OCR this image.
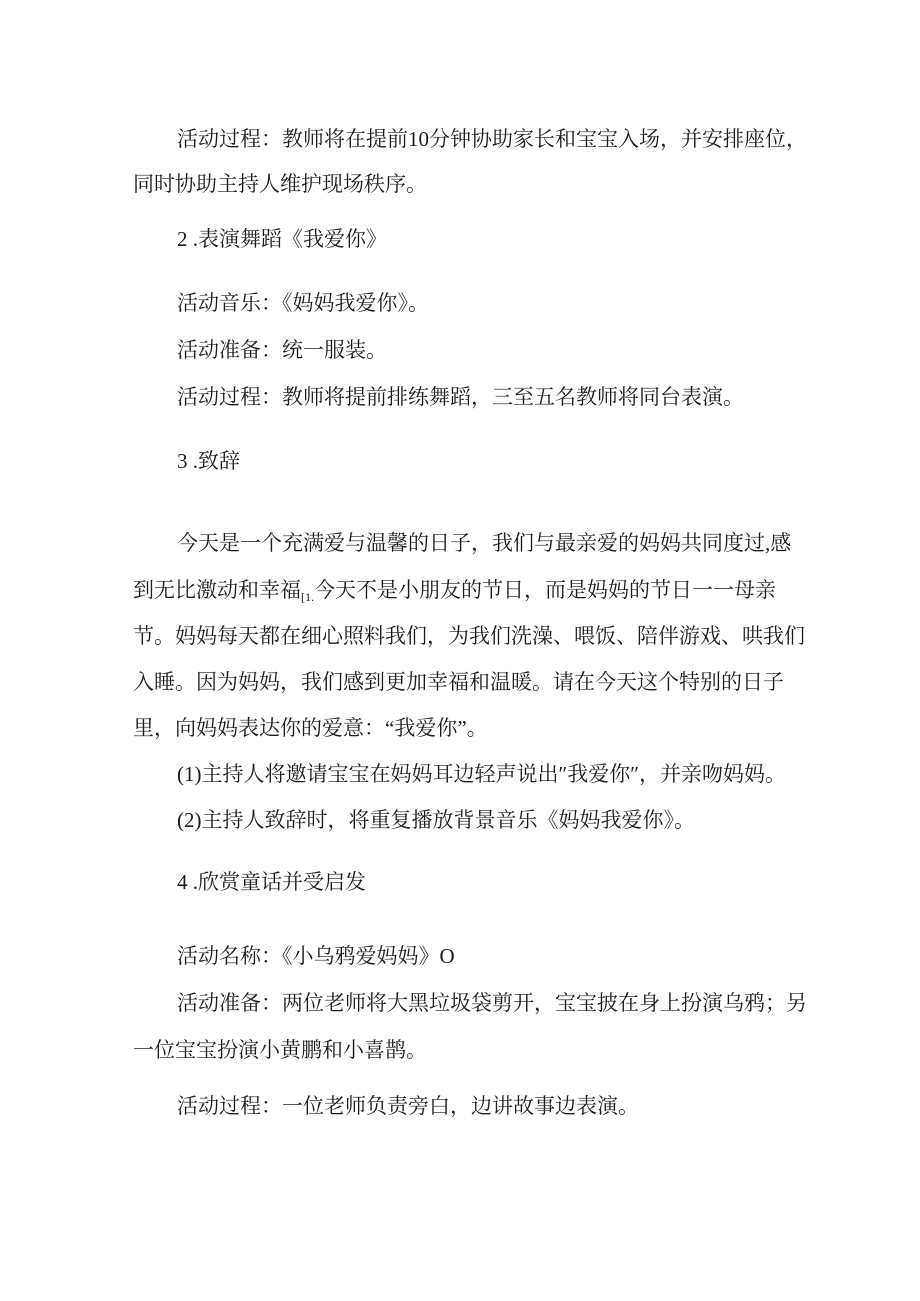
活动过程：教师将在提前10分钟协助家长和宝宝入场，并安排座位，
同时协助主持人维护现场秩序。
2 .表演舞蹈《我爱你》
活动音乐：《妈妈我爱你》。
活动准备：统一服装。
活动过程：教师将提前排练舞蹈，三至五名教师将同台表演。
3 .致辞
今天是一个充满爱与温馨的日子，我们与最亲爱的妈妈共同度过,感
到无比激动和幸福[1.今天不是小朋友的节日，而是妈妈的节日一一母亲
节。妈妈每天都在细心照料我们，为我们洗澡、喂饭、陪伴游戏、哄我们
入睡。因为妈妈，我们感到更加幸福和温暖。请在今天这个特别的日子
里，向妈妈表达你的爱意：“我爱你”。
(1)主持人将邀请宝宝在妈妈耳边轻声说出″我爱你″，并亲吻妈妈。
(2)主持人致辞时，将重复播放背景音乐《妈妈我爱你》。
4 .欣赏童话并受启发
活动名称：《小乌鸦爱妈妈》O
活动准备：两位老师将大黑垃圾袋剪开，宝宝披在身上扮演乌鸦；另
一位宝宝扮演小黄鹏和小喜鹊。
活动过程：一位老师负责旁白，边讲故事边表演。
